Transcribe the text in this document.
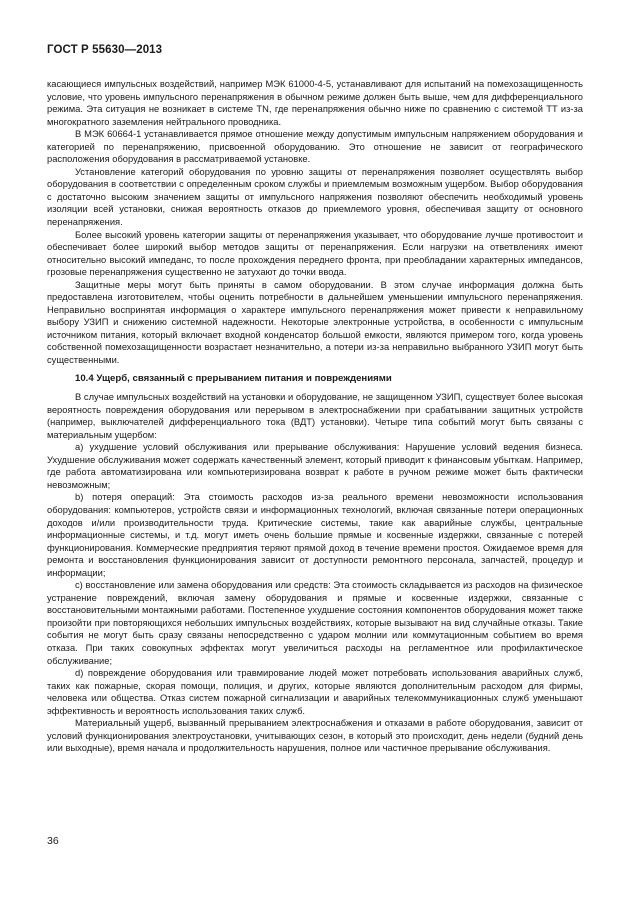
ГОСТ Р 55630—2013

касающиеся импульсных воздействий, например МЭК 61000-4-5, устанавливают для испытаний на помехозащищенность условие, что уровень импульсного перенапряжения в обычном режиме должен быть выше, чем для дифференциального режима. Эта ситуация не возникает в системе TN, где перенапряжения обычно ниже по сравнению с системой TT из-за многократного заземления нейтрального проводника.

В МЭК 60664-1 устанавливается прямое отношение между допустимым импульсным напряжением оборудования и категорией по перенапряжению, присвоенной оборудованию. Это отношение не зависит от географического расположения оборудования в рассматриваемой установке.

Установление категорий оборудования по уровню защиты от перенапряжения позволяет осуществлять выбор оборудования в соответствии с определенным сроком службы и приемлемым возможным ущербом. Выбор оборудования с достаточно высоким значением защиты от импульсного напряжения позволяют обеспечить необходимый уровень изоляции всей установки, снижая вероятность отказов до приемлемого уровня, обеспечивая защиту от основного перенапряжения.

Более высокий уровень категории защиты от перенапряжения указывает, что оборудование лучше противостоит и обеспечивает более широкий выбор методов защиты от перенапряжения. Если нагрузки на ответвлениях имеют относительно высокий импеданс, то после прохождения переднего фронта, при преобладании характерных импедансов, грозовые перенапряжения существенно не затухают до точки ввода.

Защитные меры могут быть приняты в самом оборудовании. В этом случае информация должна быть предоставлена изготовителем, чтобы оценить потребности в дальнейшем уменьшении импульсного перенапряжения. Неправильно воспринятая информация о характере импульсного перенапряжения может привести к неправильному выбору УЗИП и снижению системной надежности. Некоторые электронные устройства, в особенности с импульсным источником питания, который включает входной конденсатор большой емкости, являются примером того, когда уровень собственной помехозащищенности возрастает незначительно, а потери из-за неправильно выбранного УЗИП могут быть существенными.

10.4 Ущерб, связанный с прерыванием питания и повреждениями

В случае импульсных воздействий на установки и оборудование, не защищенном УЗИП, существует более высокая вероятность повреждения оборудования или перерывом в электроснабжении при срабатывании защитных устройств (например, выключателей дифференциального тока (ВДТ) установки). Четыре типа событий могут быть связаны с материальным ущербом:

a) ухудшение условий обслуживания или прерывание обслуживания: Нарушение условий ведения бизнеса. Ухудшение обслуживания может содержать качественный элемент, который приводит к финансовым убыткам. Например, где работа автоматизирована или компьютеризирована возврат к работе в ручном режиме может быть фактически невозможным;

b) потеря операций: Эта стоимость расходов из-за реального времени невозможности использования оборудования: компьютеров, устройств связи и информационных технологий, включая связанные потери операционных доходов и/или производительности труда. Критические системы, такие как аварийные службы, центральные информационные системы, и т.д. могут иметь очень большие прямые и косвенные издержки, связанные с потерей функционирования. Коммерческие предприятия теряют прямой доход в течение времени простоя. Ожидаемое время для ремонта и восстановления функционирования зависит от доступности ремонтного персонала, запчастей, процедур и информации;

c) восстановление или замена оборудования или средств: Эта стоимость складывается из расходов на физическое устранение повреждений, включая замену оборудования и прямые и косвенные издержки, связанные с восстановительными монтажными работами. Постепенное ухудшение состояния компонентов оборудования может также произойти при повторяющихся небольших импульсных воздействиях, которые вызывают на вид случайные отказы. Такие события не могут быть сразу связаны непосредственно с ударом молнии или коммутационным событием во время отказа. При таких совокупных эффектах могут увеличиться расходы на регламентное или профилактическое обслуживание;

d) повреждение оборудования или травмирование людей может потребовать использования аварийных служб, таких как пожарные, скорая помощи, полиция, и других, которые являются дополнительным расходом для фирмы, человека или общества. Отказ систем пожарной сигнализации и аварийных телекоммуникационных служб уменьшают эффективность и вероятность использования таких служб.

Материальный ущерб, вызванный прерыванием электроснабжения и отказами в работе оборудования, зависит от условий функционирования электроустановки, учитывающих сезон, в который это происходит, день недели (будний день или выходные), время начала и продолжительность нарушения, полное или частичное прерывание обслуживания.

36
